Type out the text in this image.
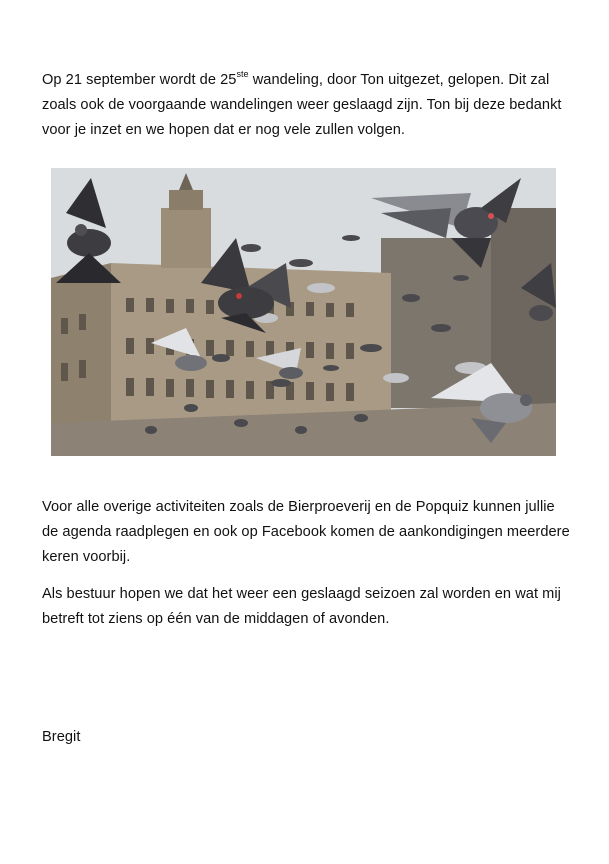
Op 21 september wordt de 25ste wandeling, door Ton uitgezet, gelopen. Dit zal zoals ook de voorgaande wandelingen weer geslaagd zijn. Ton bij deze bedankt voor je inzet en we hopen dat er nog vele zullen volgen.

Voor alle overige activiteiten zoals de Bierproeverij en de Popquiz kunnen jullie de agenda raadplegen en ook op Facebook komen de aankondigingen meerdere keren voorbij.

Als bestuur hopen we dat het weer een geslaagd seizoen zal worden en wat mij betreft tot ziens op één van de middagen of avonden.

Bregit
